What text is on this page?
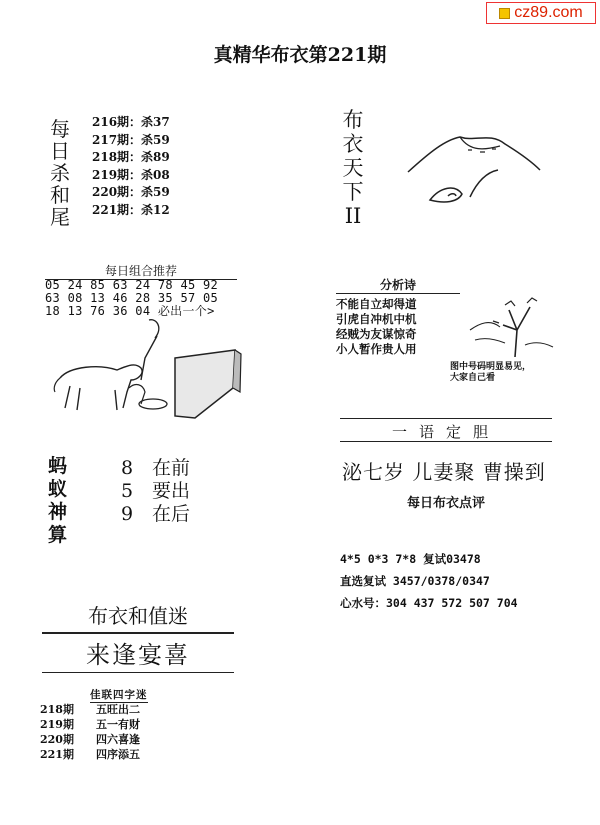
cz89.com
真精华布衣第221期
每
日
杀
和
尾
216期：杀37
217期：杀59
218期：杀89
219期：杀08
220期：杀59
221期：杀12
布
衣
天
下
II
每日组合推荐
05 24 85 63 24 78 45 92
63 08 13 46 28 35 57 05
18 13 76 36 04 必出一个>
分析诗
不能自立却得道
引虎自冲机中机
经贼为友谋惊奇
小人暂作贵人用
图中号码明显易见，
大家自己看
一语定胆
泌七岁 儿妻聚 曹操到
每日布衣点评
4*5 0*3 7*8 复试03478
直选复试 3457/0378/0347
心水号：304 437 572 507 704
蚂
蚁
神
算
8 在前
5 要出
9 在后
布衣和值迷
来逢宴喜
佳联四字迷
218期	五旺出二
219期	五一有财
220期	四六喜逢
221期	四序添五
